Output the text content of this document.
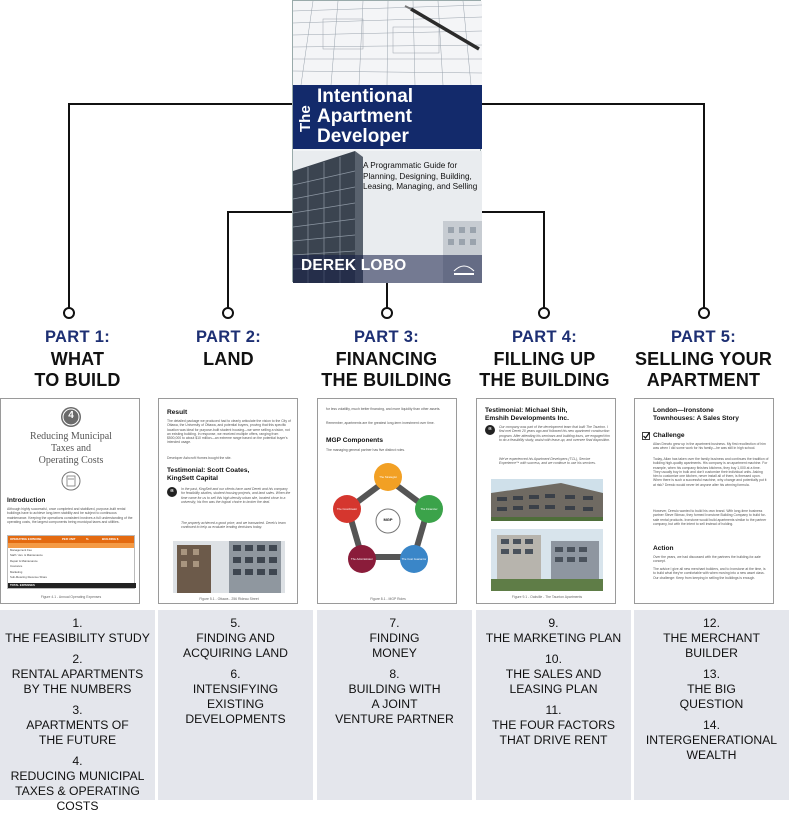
The
Intentional
Apartment
Developer
A Programmatic Guide for
Planning, Designing, Building,
Leasing, Managing, and Selling
DEREK LOBO
PART 1:
WHAT
TO BUILD
4
Reducing Municipal
Taxes and
Operating Costs
Introduction
Although highly successful, once completed and stabilized, purpose-built rental buildings have to achieve long-term stability and be subject to continuous maintenance. Keeping the operations consistent involves a full understanding of the operating costs, the largest components being municipal taxes and utilities.
OPERATING EXPENSE	PER UNIT	%	BUILDING $
Management Fee
Staff / Jan. & Maintenance
Repair & Maintenance
Insurance
Marketing
Sub-Metering Revenue Share
TOTAL EXPENSES
Figure 4.1 - Annual Operating Expenses
1.
THE FEASIBILITY STUDY
2.
RENTAL APARTMENTS
BY THE NUMBERS
3.
APARTMENTS OF
THE FUTURE
4.
REDUCING MUNICIPAL
TAXES & OPERATING COSTS
PART 2:
LAND
Result
The detailed package we produced had to clearly articulate the vision to the City of Ottawa, the University of Ottawa, and potential buyers, proving that this specific location was ideal for purpose-built student housing—we were selling a vision, not an existing building. In response, we received multiple offers, ranging from $500,000 to about $10 million—an extreme range based on the potential buyer's intended usage.
Developer Ashcroft Homes bought the site.
Testimonial: Scott Coates,
KingSett Capital
“	In the past, KingSett and our clients have used Derek and his company for feasibility studies, student housing projects, and land sales. When the time came for us to sell this high-density urban site, located close to a university, his firm was the logical choice to broker the deal.
The property achieved a good price, and we transacted. Derek's team continued to help us evaluate lending decisions today.
Figure 5.1 - Ottawa - 256 Rideau Street
5.
FINDING AND
ACQUIRING LAND
6.
INTENSIFYING
EXISTING
DEVELOPMENTS
PART 3:
FINANCING
THE BUILDING
for less volatility, much better financing, and more liquidity than other assets.
Remember, apartments are the greatest long-term investment over time.
MGP Components
The managing general partner has five distinct roles.
MGP
The Strategist
The Financier
The Cost Guarantor
The Administrator
The Coordinator
Figure 8.1 - MGP Roles
7.
FINDING
MONEY
8.
BUILDING WITH
A JOINT
VENTURE PARTNER
PART 4:
FILLING UP
THE BUILDING
Testimonial: Michael Shih,
Emshih Developments Inc.
“	Our company was part of the development team that built The Taunton. I first met Derek 20 years ago and followed his new apartment construction program. After attending his seminars and building tours, we engaged him to do a feasibility study, assist with lease-up, and oversee final disposition.
We've experienced his Apartment Developers (TCL), Service Experience™ with success, and we continue to use his services.
Figure 9.1 - Oakville - The Taunton Apartments
9.
THE MARKETING PLAN
10.
THE SALES AND
LEASING PLAN
11.
THE FOUR FACTORS
THAT DRIVE RENT
PART 5:
SELLING YOUR
APARTMENT
London—Ironstone
Townhouses: A Sales Story
Challenge
Allan Drewlo grew up in the apartment business. My first recollection of him was when I did some work for his family—he was still in high school.
Today, Allan has taken over the family business and continues the tradition of building high-quality apartments. His company is an apartment machine. For example, when his company finishes kitchens, they buy 1,000 at a time. They usually buy in bulk and don't customize their individual units. Asking him to customize one kitchen, never install all of them, is finessed upon. When there is such a successful machine, why change and potentially put it at risk? Drewlo would never let anyone alter his winning formula.
However, Drewlo wanted to build his own brand. With long-time business partner Steve Stimac, they formed Ironstone Building Company to build for-sale rental products. Ironstone would build apartments similar to the partner company, but with the intent to sell instead of holding.
Action
Over the years, we had discussed with the partners the building-for-sale concept.
The advice I give all new merchant builders, and to Ironstone at the time, is to build what they're comfortable with when moving into a new asset class. Our challenge: Keep from keeping in selling the buildings is enough.
12.
THE MERCHANT
BUILDER
13.
THE BIG
QUESTION
14.
INTERGENERATIONAL
WEALTH
